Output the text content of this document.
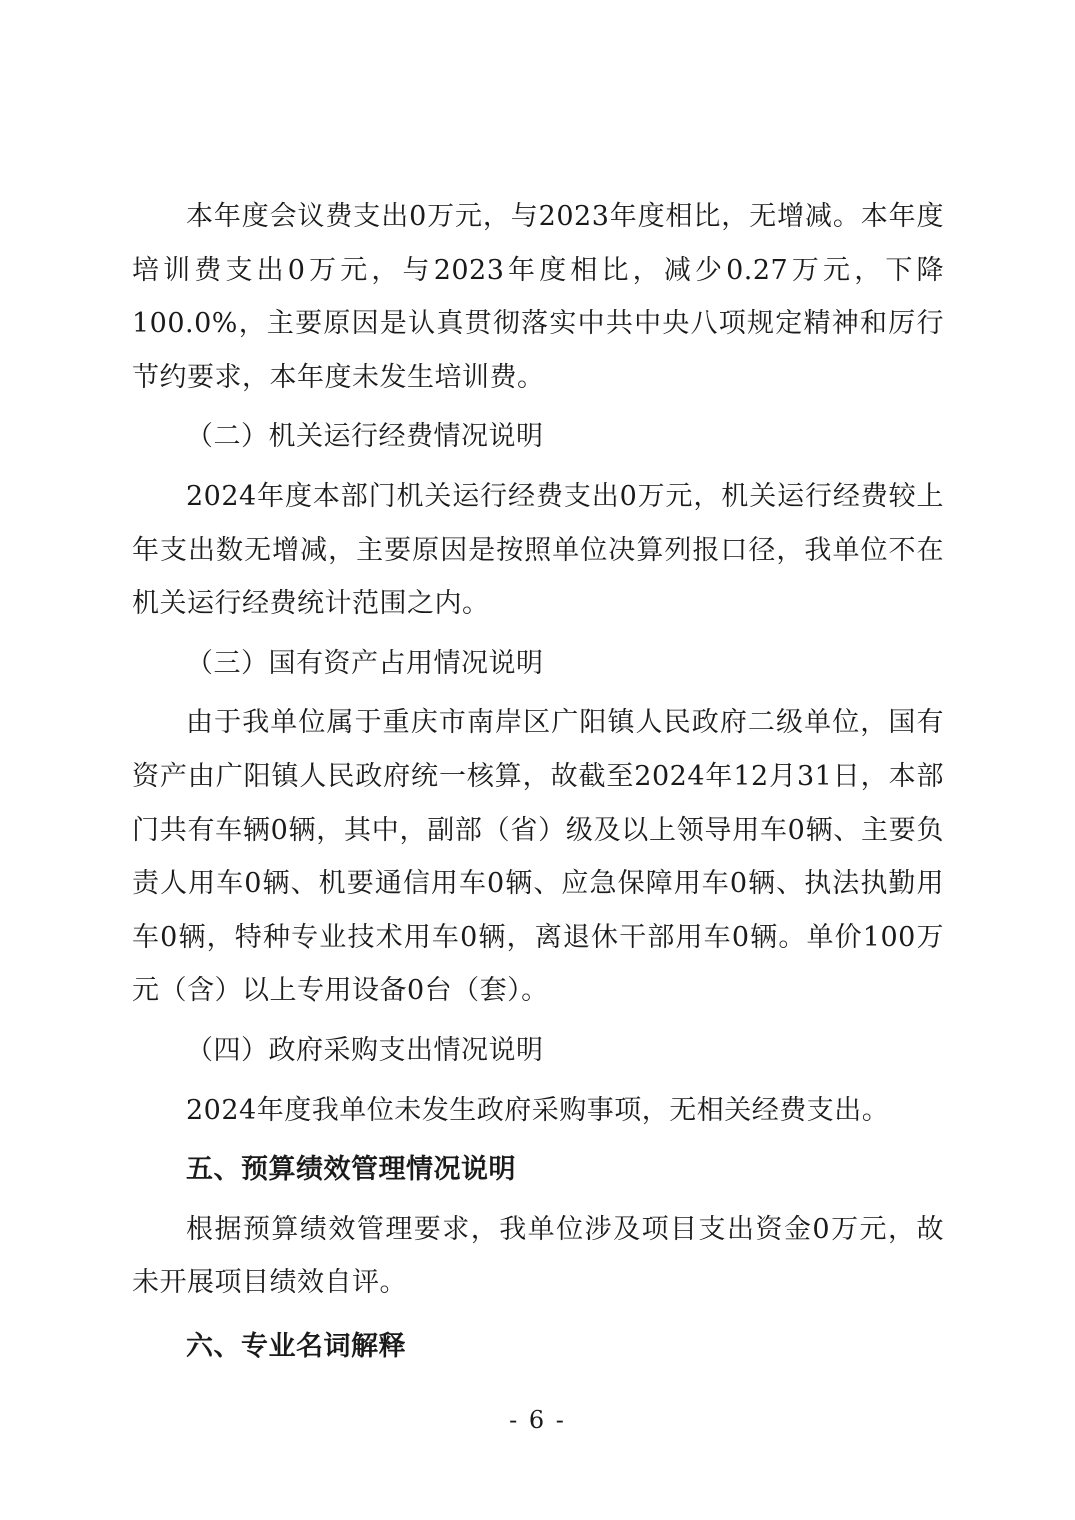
本年度会议费支出0万元，与2023年度相比，无增减。本年度培训费支出0万元，与2023年度相比，减少0.27万元，下降100.0%，主要原因是认真贯彻落实中共中央八项规定精神和厉行节约要求，本年度未发生培训费。

（二）机关运行经费情况说明

2024年度本部门机关运行经费支出0万元，机关运行经费较上年支出数无增减，主要原因是按照单位决算列报口径，我单位不在机关运行经费统计范围之内。

（三）国有资产占用情况说明

由于我单位属于重庆市南岸区广阳镇人民政府二级单位，国有资产由广阳镇人民政府统一核算，故截至2024年12月31日，本部门共有车辆0辆，其中，副部（省）级及以上领导用车0辆、主要负责人用车0辆、机要通信用车0辆、应急保障用车0辆、执法执勤用车0辆，特种专业技术用车0辆，离退休干部用车0辆。单价100万元（含）以上专用设备0台（套）。

（四）政府采购支出情况说明

2024年度我单位未发生政府采购事项，无相关经费支出。

五、预算绩效管理情况说明

根据预算绩效管理要求，我单位涉及项目支出资金0万元，故未开展项目绩效自评。

六、专业名词解释

- 6 -
